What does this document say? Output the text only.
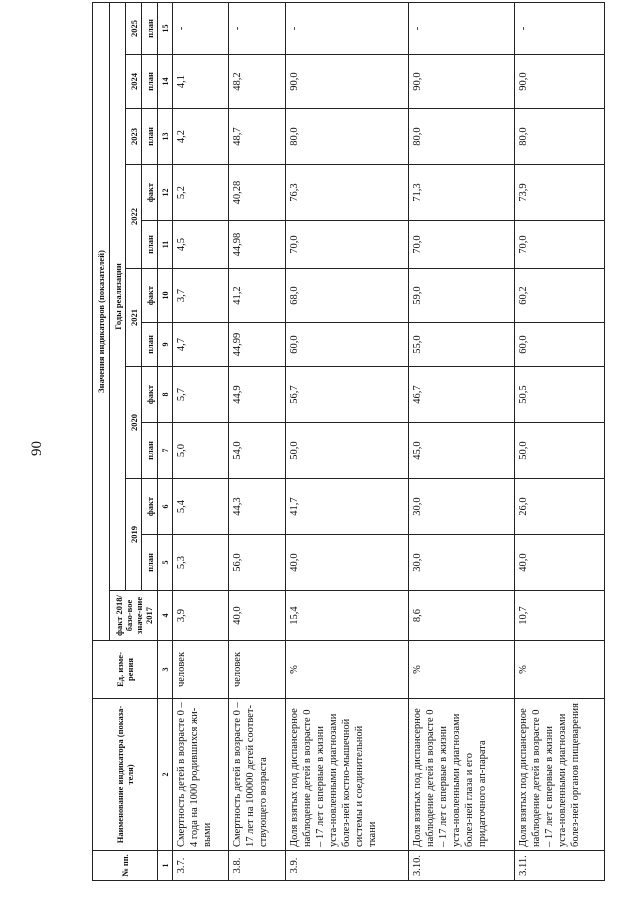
90
№ пп.	Наименование индикатора (показа-теля)	Ед. изме-рения	Значения индикаторов (показателей)											
			факт 2018/базо-вое значе-ние 2017	Годы реализации										
				2019		2020		2021		2022		2023	2024	2025
				план	факт	план	факт	план	факт	план	факт	план	план	план
1	2	3	4	5	6	7	8	9	10	11	12	13	14	15
3.7.	Смертность детей в возрасте 0 – 4 года на 1000 родившихся жи-выми	человек	3,9	5,3	5,4	5,0	5,7	4,7	3,7	4,5	5,2	4,2	4,1	-
3.8.	Смертность детей в возрасте 0 – 17 лет на 100000 детей соответ-ствующего возраста	человек	40,0	56,0	44,3	54,0	44,9	44,99	41,2	44,98	40,28	48,7	48,2	-
3.9.	Доля взятых под диспансерное наблюдение детей в возрасте 0 – 17 лет с впервые в жизни уста-новленными диагнозами болез-ней костно-мышечной системы и соединительной ткани	%	15,4	40,0	41,7	50,0	56,7	60,0	68,0	70,0	76,3	80,0	90,0	-
3.10.	Доля взятых под диспансерное наблюдение детей в возрасте 0 – 17 лет с впервые в жизни уста-новленными диагнозами болез-ней глаза и его придаточного ап-парата	%	8,6	30,0	30,0	45,0	46,7	55,0	59,0	70,0	71,3	80,0	90,0	-
3.11.	Доля взятых под диспансерное наблюдение детей в возрасте 0 – 17 лет с впервые в жизни уста-новленными диагнозами болез-ней органов пищеварения	%	10,7	40,0	26,0	50,0	50,5	60,0	60,2	70,0	73,9	80,0	90,0	-
